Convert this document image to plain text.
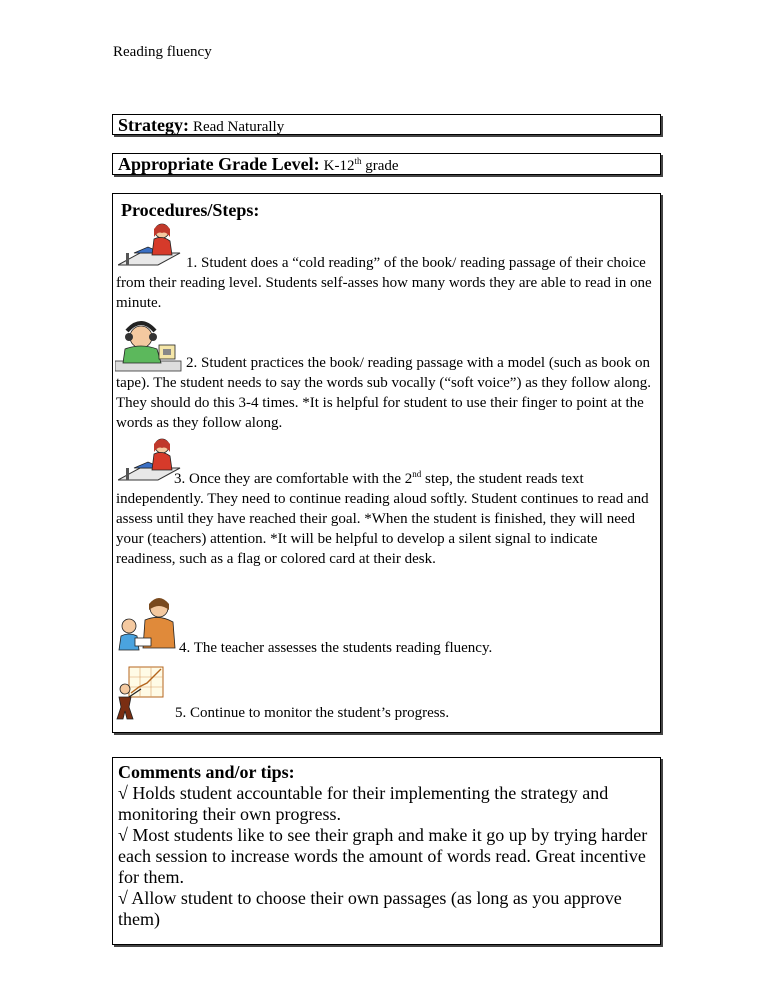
Reading fluency
Strategy: Read Naturally
Appropriate Grade Level: K-12th grade
Procedures/Steps:
1. Student does a “cold reading” of the book/ reading passage of their choice from their reading level. Students self-asses how many words they are able to read in one minute.
2. Student practices the book/ reading passage with a model (such as book on tape). The student needs to say the words sub vocally (“soft voice”) as they follow along. They should do this 3-4 times. *It is helpful for student to use their finger to point at the words as they follow along.
3. Once they are comfortable with the 2nd step, the student reads text independently. They need to continue reading aloud softly. Student continues to read and assess until they have reached their goal. *When the student is finished, they will need your (teachers) attention. *It will be helpful to develop a silent signal to indicate readiness, such as a flag or colored card at their desk.
4. The teacher assesses the students reading fluency.
5. Continue to monitor the student’s progress.
Comments and/or tips:
√ Holds student accountable for their implementing the strategy and monitoring their own progress.
√ Most students like to see their graph and make it go up by trying harder each session to increase words the amount of words read. Great incentive for them.
√ Allow student to choose their own passages (as long as you approve them)
